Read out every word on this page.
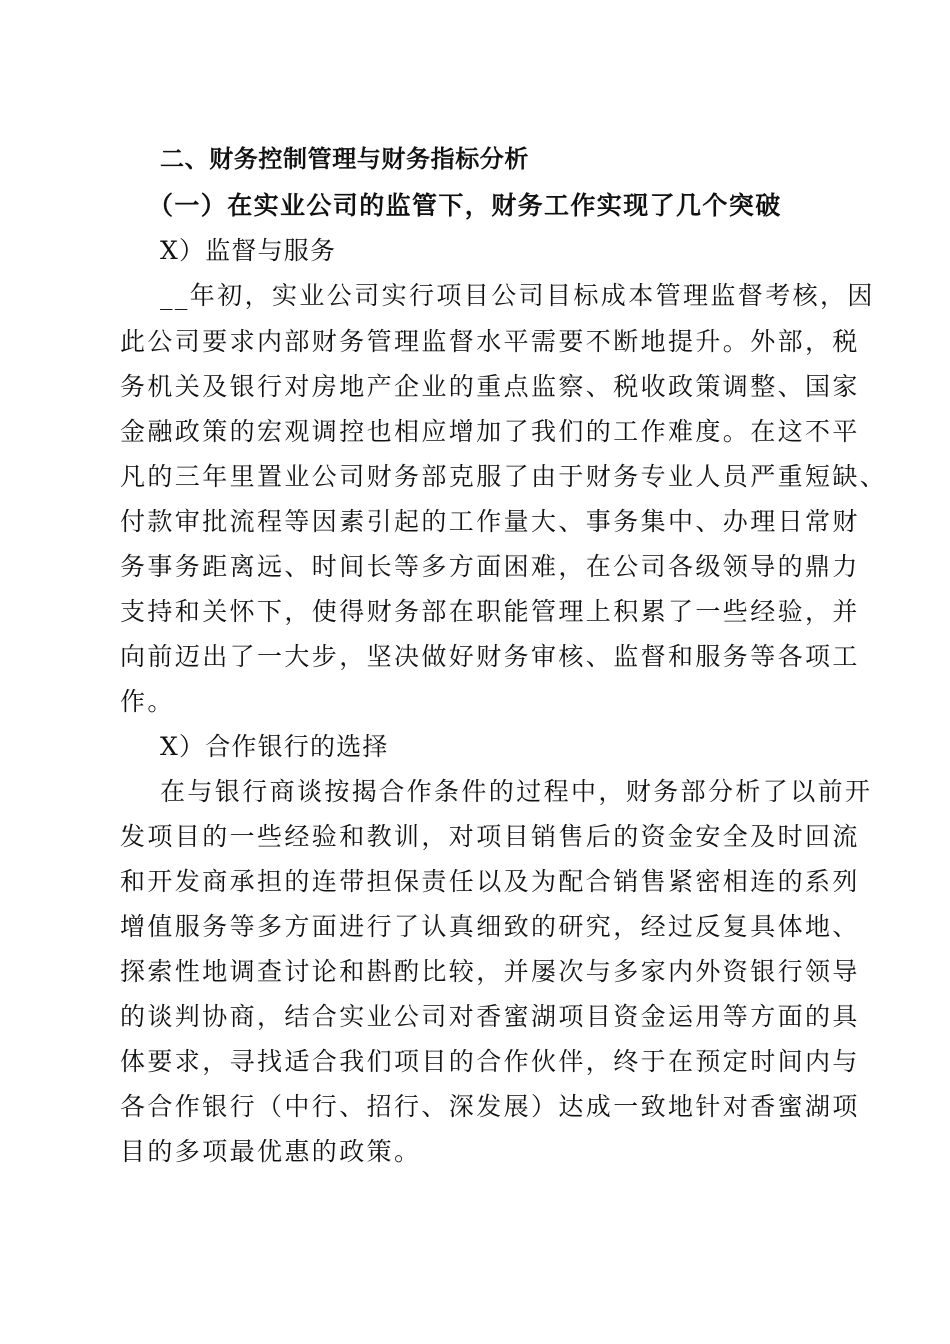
二、财务控制管理与财务指标分析
（一）在实业公司的监管下，财务工作实现了几个突破
X）监督与服务
__年初，实业公司实行项目公司目标成本管理监督考核，因
此公司要求内部财务管理监督水平需要不断地提升。外部，税
务机关及银行对房地产企业的重点监察、税收政策调整、国家
金融政策的宏观调控也相应增加了我们的工作难度。在这不平
凡的三年里置业公司财务部克服了由于财务专业人员严重短缺、
付款审批流程等因素引起的工作量大、事务集中、办理日常财
务事务距离远、时间长等多方面困难，在公司各级领导的鼎力
支持和关怀下，使得财务部在职能管理上积累了一些经验，并
向前迈出了一大步，坚决做好财务审核、监督和服务等各项工
作。
X）合作银行的选择
在与银行商谈按揭合作条件的过程中，财务部分析了以前开
发项目的一些经验和教训，对项目销售后的资金安全及时回流
和开发商承担的连带担保责任以及为配合销售紧密相连的系列
增值服务等多方面进行了认真细致的研究，经过反复具体地、
探索性地调查讨论和斟酌比较，并屡次与多家内外资银行领导
的谈判协商，结合实业公司对香蜜湖项目资金运用等方面的具
体要求，寻找适合我们项目的合作伙伴，终于在预定时间内与
各合作银行（中行、招行、深发展）达成一致地针对香蜜湖项
目的多项最优惠的政策。
